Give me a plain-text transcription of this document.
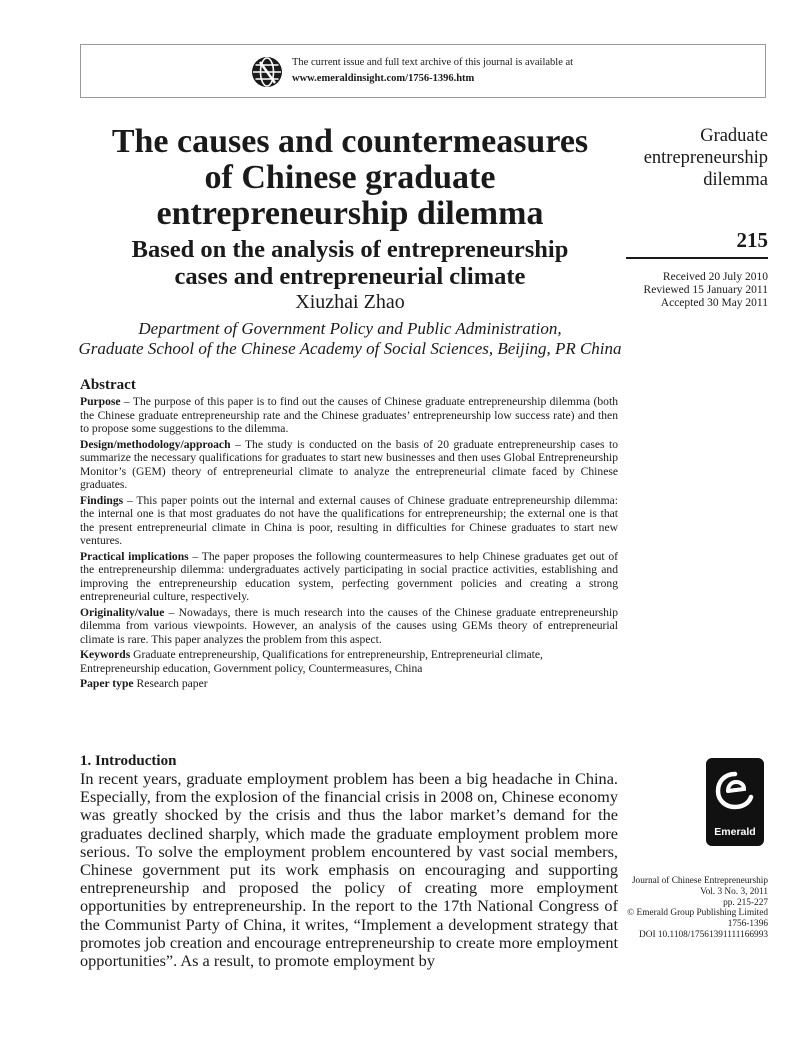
The current issue and full text archive of this journal is available at
www.emeraldinsight.com/1756-1396.htm
The causes and countermeasures
of Chinese graduate
entrepreneurship dilemma
Based on the analysis of entrepreneurship
cases and entrepreneurial climate
Xiuzhai Zhao
Department of Government Policy and Public Administration,
Graduate School of the Chinese Academy of Social Sciences, Beijing, PR China
Graduate
entrepreneurship
dilemma
215
Received 20 July 2010
Reviewed 15 January 2011
Accepted 30 May 2011
Abstract

Purpose – The purpose of this paper is to find out the causes of Chinese graduate entrepreneurship dilemma (both the Chinese graduate entrepreneurship rate and the Chinese graduates’ entrepreneurship low success rate) and then to propose some suggestions to the dilemma.

Design/methodology/approach – The study is conducted on the basis of 20 graduate entrepreneurship cases to summarize the necessary qualifications for graduates to start new businesses and then uses Global Entrepreneurship Monitor’s (GEM) theory of entrepreneurial climate to analyze the entrepreneurial climate faced by Chinese graduates.

Findings – This paper points out the internal and external causes of Chinese graduate entrepreneurship dilemma: the internal one is that most graduates do not have the qualifications for entrepreneurship; the external one is that the present entrepreneurial climate in China is poor, resulting in difficulties for Chinese graduates to start new ventures.

Practical implications – The paper proposes the following countermeasures to help Chinese graduates get out of the entrepreneurship dilemma: undergraduates actively participating in social practice activities, establishing and improving the entrepreneurship education system, perfecting government policies and creating a strong entrepreneurial culture, respectively.

Originality/value – Nowadays, there is much research into the causes of the Chinese graduate entrepreneurship dilemma from various viewpoints. However, an analysis of the causes using GEMs theory of entrepreneurial climate is rare. This paper analyzes the problem from this aspect.

Keywords Graduate entrepreneurship, Qualifications for entrepreneurship, Entrepreneurial climate, Entrepreneurship education, Government policy, Countermeasures, China

Paper type Research paper

1. Introduction

In recent years, graduate employment problem has been a big headache in China. Especially, from the explosion of the financial crisis in 2008 on, Chinese economy was greatly shocked by the crisis and thus the labor market’s demand for the graduates declined sharply, which made the graduate employment problem more serious. To solve the employment problem encountered by vast social members, Chinese government put its work emphasis on encouraging and supporting entrepreneurship and proposed the policy of creating more employment opportunities by entrepreneurship. In the report to the 17th National Congress of the Communist Party of China, it writes, “Implement a development strategy that promotes job creation and encourage entrepreneurship to create more employment opportunities”. As a result, to promote employment by

Emerald
Journal of Chinese Entrepreneurship
Vol. 3 No. 3, 2011
pp. 215-227
© Emerald Group Publishing Limited
1756-1396
DOI 10.1108/17561391111166993
